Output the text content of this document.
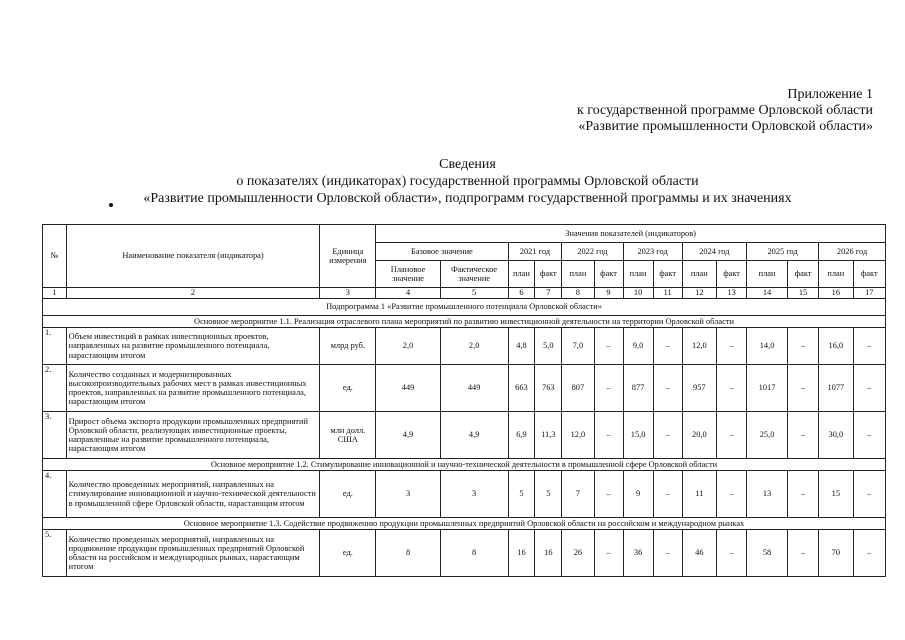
Приложение 1
к государственной программе Орловской области
«Развитие промышленности Орловской области»
Сведения
о показателях (индикаторах) государственной программы Орловской области
«Развитие промышленности Орловской области», подпрограмм государственной программы и их значениях
№	Наименование показателя (индикатора)	Единица измерения	Значения показателей (индикаторов)													
			Базовое значение		2021 год		2022 год		2023 год		2024 год		2025 год		2026 год	
			Плановое значение	Фактическое значение	план	факт	план	факт	план	факт	план	факт	план	факт	план	факт
1	2	3	4	5	6	7	8	9	10	11	12	13	14	15	16	17
Подпрограмма 1 «Развитие промышленного потенциала Орловской области»																
Основное мероприятие 1.1. Реализация отраслевого плана мероприятий по развитию инвестиционной деятельности на территории Орловской области																
1.	Объем инвестиций в рамках инвестиционных проектов, направленных на развитие промышленного потенциала, нарастающим итогом	млрд руб.	2,0	2,0	4,8	5,0	7,0	–	9,0	–	12,0	–	14,0	–	16,0	–
2.	Количество созданных и модернизированных высокопроизводительных рабочих мест в рамках инвестиционных проектов, направленных на развитие промышленного потенциала, нарастающим итогом	ед.	449	449	663	763	807	–	877	–	957	–	1017	–	1077	–
3.	Прирост объема экспорта продукции промышленных предприятий Орловской области, реализующих инвестиционные проекты, направленные на развитие промышленного потенциала, нарастающим итогом	млн долл. США	4,9	4,9	6,9	11,3	12,0	–	15,0	–	20,0	–	25,0	–	30,0	–
Основное мероприятие 1.2. Стимулирование инновационной и научно-технической деятельности в промышленной сфере Орловской области																
4.	Количество проведенных мероприятий, направленных на стимулирование инновационной и научно-технической деятельности в промышленной сфере Орловской области, нарастающим итогом	ед.	3	3	5	5	7	–	9	–	11	–	13	–	15	–
Основное мероприятие 1.3. Содействие продвижению продукции промышленных предприятий Орловской области на российском и международном рынках																
5.	Количество проведенных мероприятий, направленных на продвижение продукции промышленных предприятий Орловской области на российском и международных рынках, нарастающим итогом	ед.	8	8	16	16	26	–	36	–	46	–	58	–	70	–
